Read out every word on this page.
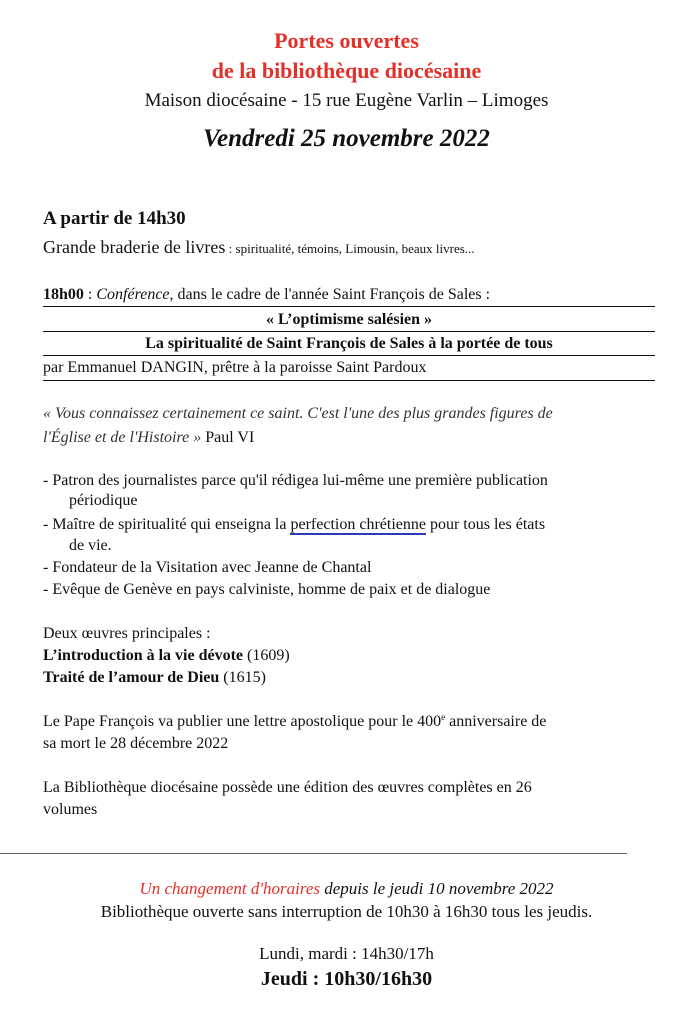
Portes ouvertes
de la bibliothèque diocésaine
Maison diocésaine - 15 rue Eugène Varlin – Limoges
Vendredi 25 novembre 2022
A partir de 14h30
Grande braderie de livres : spiritualité, témoins, Limousin, beaux livres...
18h00 : Conférence, dans le cadre de l'année Saint François de Sales :
« L’optimisme salésien »
La spiritualité de Saint François de Sales à la portée de tous
par Emmanuel DANGIN, prêtre à la paroisse Saint Pardoux
« Vous connaissez certainement ce saint. C'est l'une des plus grandes figures de
l'Église et de l'Histoire » Paul VI
- Patron des journalistes parce qu'il rédigea lui-même une première publication
périodique
- Maître de spiritualité qui enseigna la perfection chrétienne pour tous les états
de vie.
- Fondateur de la Visitation avec Jeanne de Chantal
- Evêque de Genève en pays calviniste, homme de paix et de dialogue
Deux œuvres principales :
L’introduction à la vie dévote (1609)
Traité de l’amour de Dieu (1615)
Le Pape François va publier une lettre apostolique pour le 400e anniversaire de
sa mort le 28 décembre 2022
La Bibliothèque diocésaine possède une édition des œuvres complètes en 26
volumes
Un changement d'horaires depuis le jeudi 10 novembre 2022
Bibliothèque ouverte sans interruption de 10h30 à 16h30 tous les jeudis.
Lundi, mardi : 14h30/17h
Jeudi : 10h30/16h30
